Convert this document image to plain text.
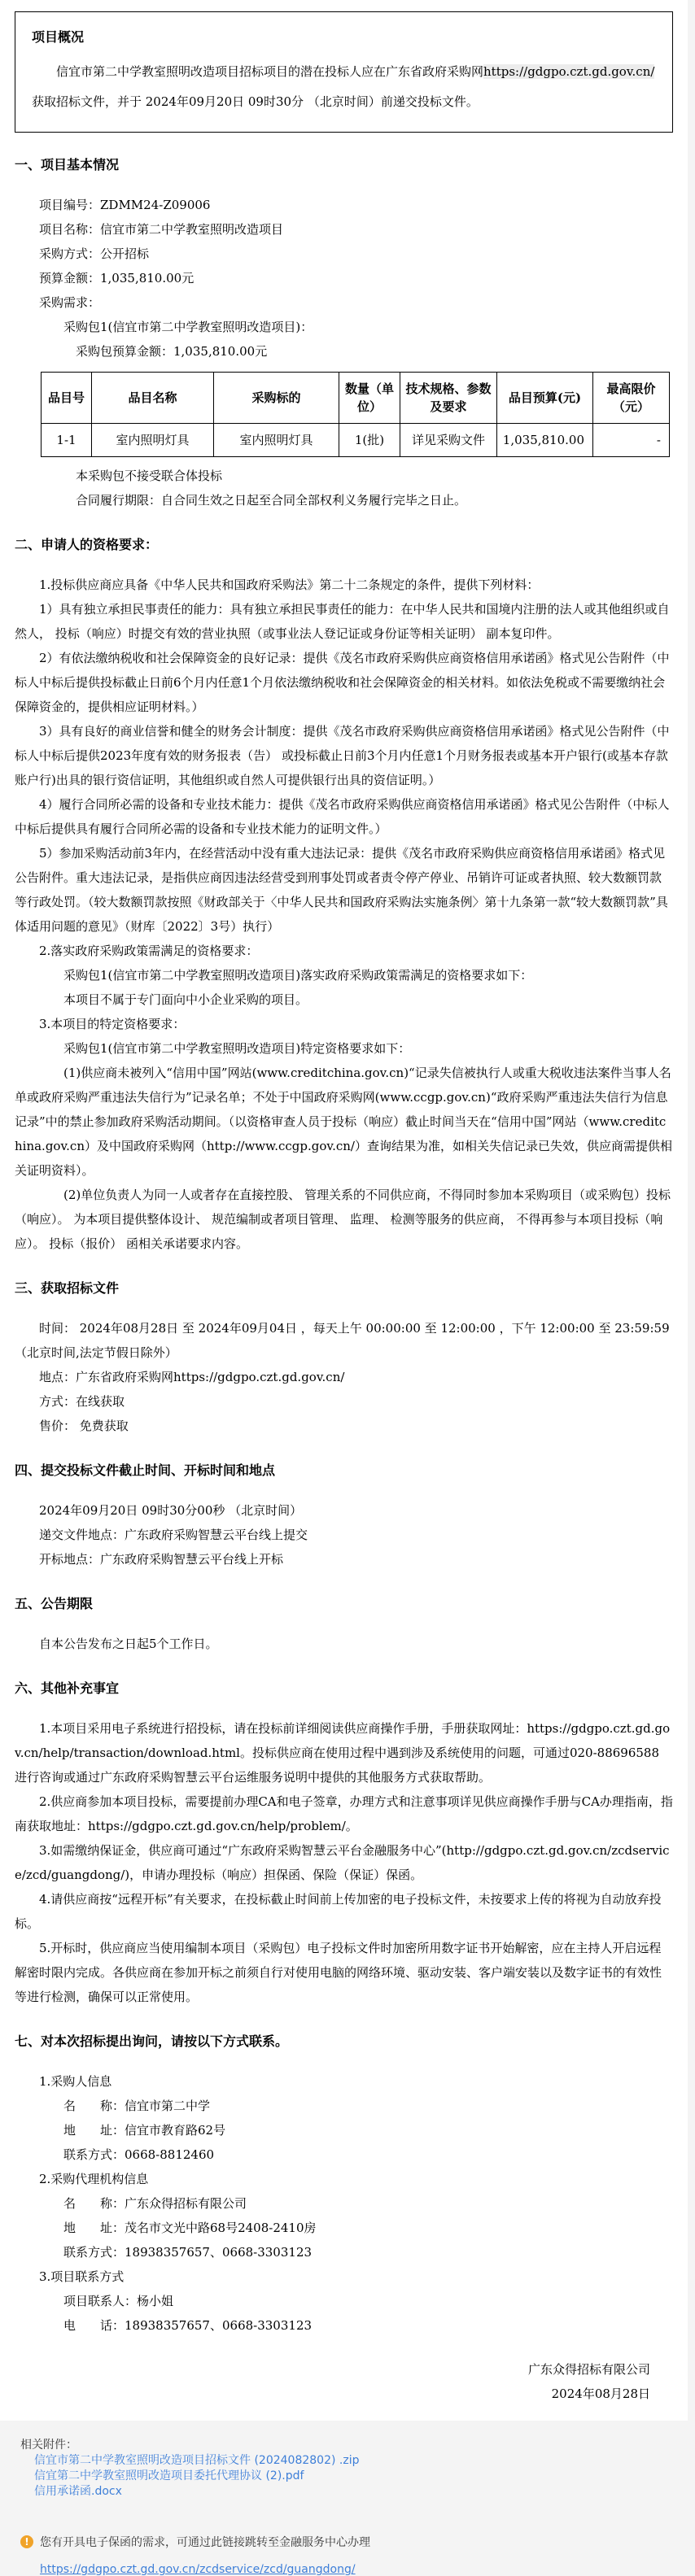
项目概况

信宜市第二中学教室照明改造项目招标项目的潜在投标人应在广东省政府采购网https://gdgpo.czt.gd.gov.cn/获取招标文件，并于 2024年09月20日 09时30分 （北京时间）前递交投标文件。

一、项目基本情况

项目编号：ZDMM24-Z09006

项目名称：信宜市第二中学教室照明改造项目

采购方式：公开招标

预算金额：1,035,810.00元

采购需求：

采购包1(信宜市第二中学教室照明改造项目)：

采购包预算金额：1,035,810.00元

品目号	品目名称	采购标的	数量（单位）	技术规格、参数及要求	品目预算(元)	最高限价（元）
1-1	室内照明灯具	室内照明灯具	1(批)	详见采购文件	1,035,810.00	-

本采购包不接受联合体投标

合同履行期限：自合同生效之日起至合同全部权利义务履行完毕之日止。

二、申请人的资格要求：

1.投标供应商应具备《中华人民共和国政府采购法》第二十二条规定的条件，提供下列材料：

1）具有独立承担民事责任的能力：具有独立承担民事责任的能力：在中华人民共和国境内注册的法人或其他组织或自然人， 投标（响应）时提交有效的营业执照（或事业法人登记证或身份证等相关证明） 副本复印件。

2）有依法缴纳税收和社会保障资金的良好记录：提供《茂名市政府采购供应商资格信用承诺函》格式见公告附件（中标人中标后提供投标截止日前6个月内任意1个月依法缴纳税收和社会保障资金的相关材料。如依法免税或不需要缴纳社会保障资金的，提供相应证明材料。）

3）具有良好的商业信誉和健全的财务会计制度：提供《茂名市政府采购供应商资格信用承诺函》格式见公告附件（中标人中标后提供2023年度有效的财务报表（告） 或投标截止日前3个月内任意1个月财务报表或基本开户银行(或基本存款账户行)出具的银行资信证明，其他组织或自然人可提供银行出具的资信证明。）

4）履行合同所必需的设备和专业技术能力：提供《茂名市政府采购供应商资格信用承诺函》格式见公告附件（中标人中标后提供具有履行合同所必需的设备和专业技术能力的证明文件。）

5）参加采购活动前3年内，在经营活动中没有重大违法记录：提供《茂名市政府采购供应商资格信用承诺函》格式见公告附件。重大违法记录，是指供应商因违法经营受到刑事处罚或者责令停产停业、吊销许可证或者执照、较大数额罚款等行政处罚。（较大数额罚款按照《财政部关于〈中华人民共和国政府采购法实施条例〉第十九条第一款“较大数额罚款”具体适用问题的意见》（财库〔2022〕3号）执行）

2.落实政府采购政策需满足的资格要求：

采购包1(信宜市第二中学教室照明改造项目)落实政府采购政策需满足的资格要求如下：

本项目不属于专门面向中小企业采购的项目。

3.本项目的特定资格要求：

采购包1(信宜市第二中学教室照明改造项目)特定资格要求如下：

(1)供应商未被列入“信用中国”网站(www.creditchina.gov.cn)“记录失信被执行人或重大税收违法案件当事人名单或政府采购严重违法失信行为”记录名单；不处于中国政府采购网(www.ccgp.gov.cn)“政府采购严重违法失信行为信息记录”中的禁止参加政府采购活动期间。（以资格审查人员于投标（响应）截止时间当天在“信用中国”网站（www.creditchina.gov.cn）及中国政府采购网（http://www.ccgp.gov.cn/）查询结果为准，如相关失信记录已失效，供应商需提供相关证明资料）。

(2)单位负责人为同一人或者存在直接控股、 管理关系的不同供应商，不得同时参加本采购项目（或采购包）投标（响应）。 为本项目提供整体设计、 规范编制或者项目管理、 监理、 检测等服务的供应商， 不得再参与本项目投标（响应）。 投标（报价） 函相关承诺要求内容。

三、获取招标文件

时间： 2024年08月28日 至 2024年09月04日 ，每天上午 00:00:00 至 12:00:00 ，下午 12:00:00 至 23:59:59 （北京时间,法定节假日除外）

地点：广东省政府采购网https://gdgpo.czt.gd.gov.cn/

方式：在线获取

售价： 免费获取

四、提交投标文件截止时间、开标时间和地点

2024年09月20日 09时30分00秒 （北京时间）

递交文件地点：广东政府采购智慧云平台线上提交

开标地点：广东政府采购智慧云平台线上开标

五、公告期限

自本公告发布之日起5个工作日。

六、其他补充事宜

1.本项目采用电子系统进行招投标，请在投标前详细阅读供应商操作手册，手册获取网址：https://gdgpo.czt.gd.gov.cn/help/transaction/download.html。投标供应商在使用过程中遇到涉及系统使用的问题，可通过020-88696588 进行咨询或通过广东政府采购智慧云平台运维服务说明中提供的其他服务方式获取帮助。

2.供应商参加本项目投标，需要提前办理CA和电子签章，办理方式和注意事项详见供应商操作手册与CA办理指南，指南获取地址：https://gdgpo.czt.gd.gov.cn/help/problem/。

3.如需缴纳保证金，供应商可通过“广东政府采购智慧云平台金融服务中心”(http://gdgpo.czt.gd.gov.cn/zcdservice/zcd/guangdong/)，申请办理投标（响应）担保函、保险（保证）保函。

4.请供应商按“远程开标”有关要求，在投标截止时间前上传加密的电子投标文件，未按要求上传的将视为自动放弃投标。

5.开标时，供应商应当使用编制本项目（采购包）电子投标文件时加密所用数字证书开始解密，应在主持人开启远程解密时限内完成。各供应商在参加开标之前须自行对使用电脑的网络环境、驱动安装、客户端安装以及数字证书的有效性等进行检测，确保可以正常使用。

七、对本次招标提出询问，请按以下方式联系。

1.采购人信息

名　　称：信宜市第二中学

地　　址：信宜市教育路62号

联系方式：0668-8812460

2.采购代理机构信息

名　　称：广东众得招标有限公司

地　　址：茂名市文光中路68号2408-2410房

联系方式：18938357657、0668-3303123

3.项目联系方式

项目联系人：杨小姐

电　　话：18938357657、0668-3303123

广东众得招标有限公司

2024年08月28日

相关附件：
信宜市第二中学教室照明改造项目招标文件 (2024082802) .zip
信宜第二中学教室照明改造项目委托代理协议 (2).pdf
信用承诺函.docx
! 您有开具电子保函的需求，可通过此链接跳转至金融服务中心办理
https://gdgpo.czt.gd.gov.cn/zcdservice/zcd/guangdong/
